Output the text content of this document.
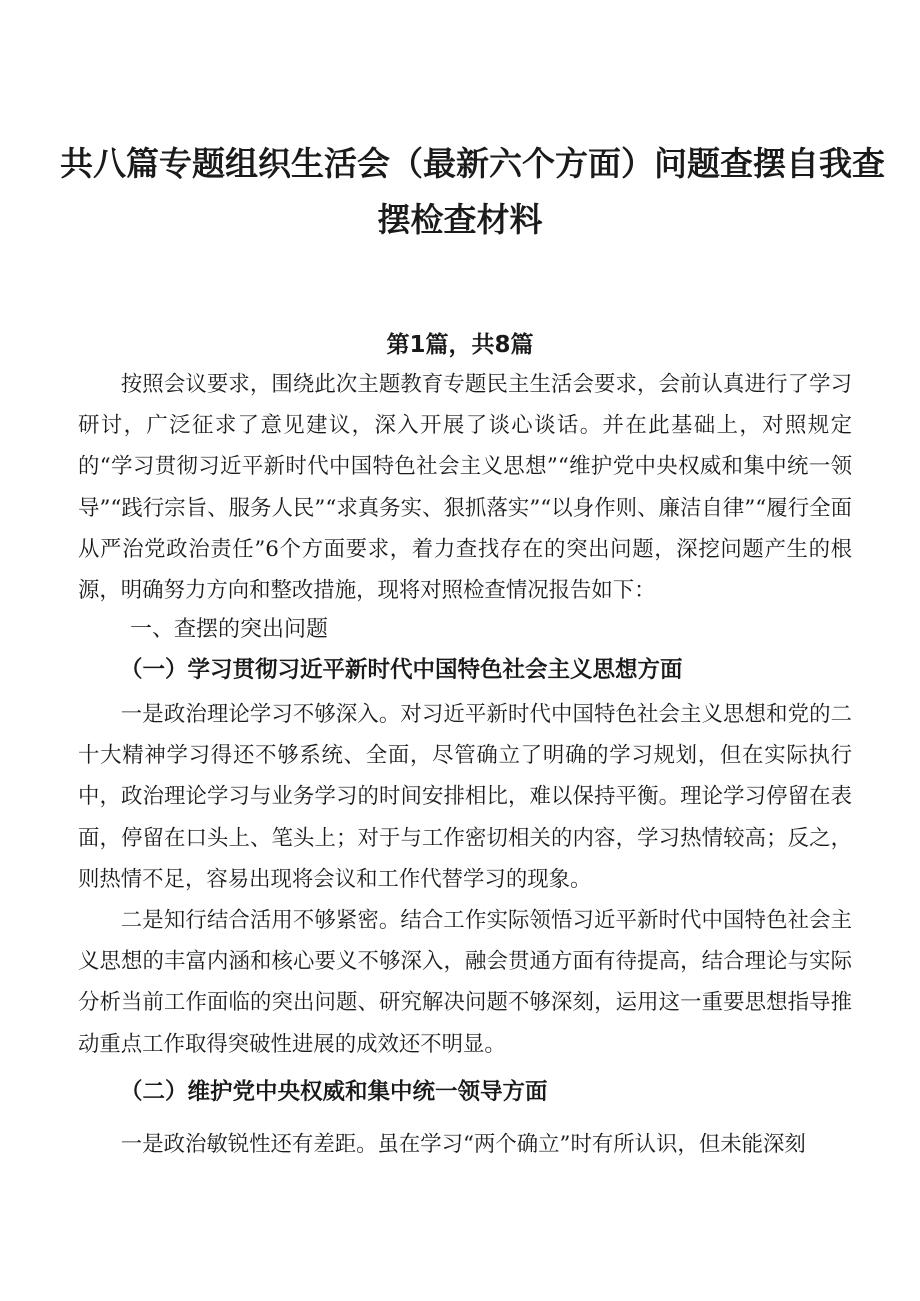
共八篇专题组织生活会（最新六个方面）问题查摆自我查
摆检查材料
第1篇，共8篇

按照会议要求，围绕此次主题教育专题民主生活会要求，会前认真进行了学习研讨，广泛征求了意见建议，深入开展了谈心谈话。并在此基础上，对照规定的“学习贯彻习近平新时代中国特色社会主义思想”“维护党中央权威和集中统一领导”“践行宗旨、服务人民”“求真务实、狠抓落实”“以身作则、廉洁自律”“履行全面从严治党政治责任”6个方面要求，着力查找存在的突出问题，深挖问题产生的根源，明确努力方向和整改措施，现将对照检查情况报告如下：

一、查摆的突出问题
（一）学习贯彻习近平新时代中国特色社会主义思想方面

一是政治理论学习不够深入。对习近平新时代中国特色社会主义思想和党的二十大精神学习得还不够系统、全面，尽管确立了明确的学习规划，但在实际执行中，政治理论学习与业务学习的时间安排相比，难以保持平衡。理论学习停留在表面，停留在口头上、笔头上；对于与工作密切相关的内容，学习热情较高；反之，则热情不足，容易出现将会议和工作代替学习的现象。

二是知行结合活用不够紧密。结合工作实际领悟习近平新时代中国特色社会主义思想的丰富内涵和核心要义不够深入，融会贯通方面有待提高，结合理论与实际分析当前工作面临的突出问题、研究解决问题不够深刻，运用这一重要思想指导推动重点工作取得突破性进展的成效还不明显。

（二）维护党中央权威和集中统一领导方面

一是政治敏锐性还有差距。虽在学习“两个确立”时有所认识，但未能深刻
